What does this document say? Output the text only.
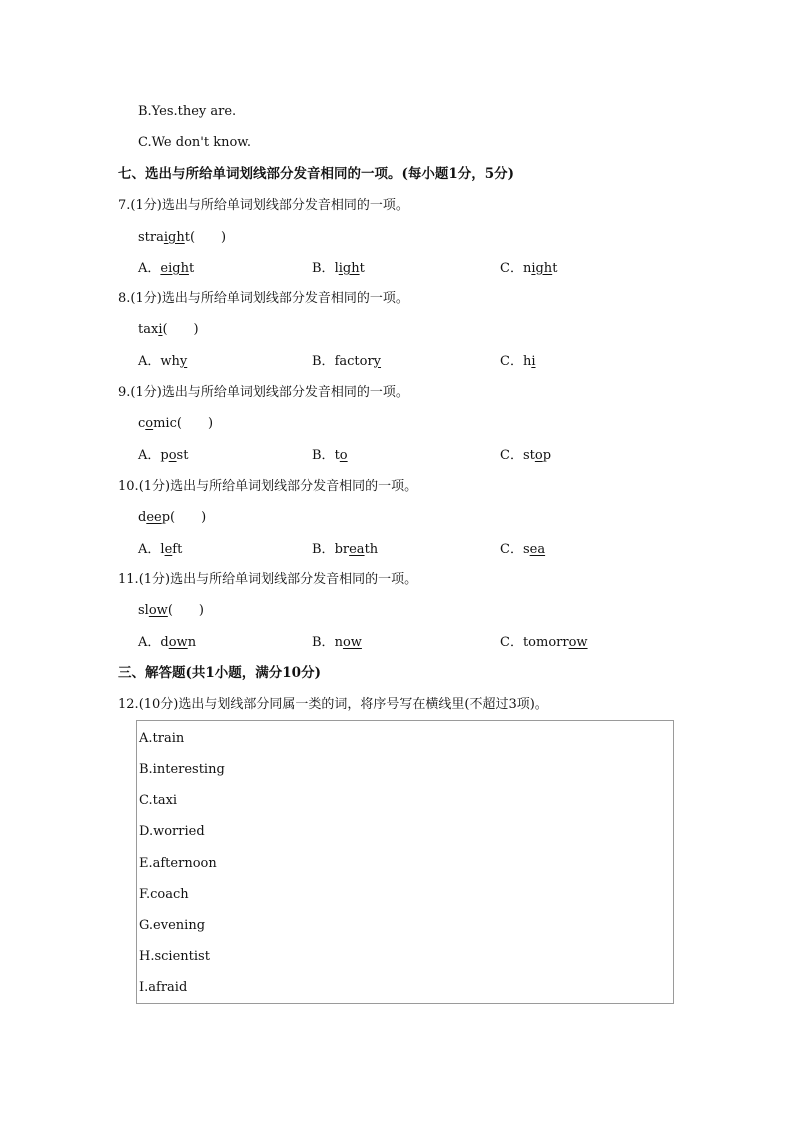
B.Yes.they are.
C.We don't know.
七、选出与所给单词划线部分发音相同的一项。(每小题1分，5分)
7.(1分)选出与所给单词划线部分发音相同的一项。
straight(　　)
A．eight	B．light	C．night
8.(1分)选出与所给单词划线部分发音相同的一项。
taxi(　　)
A．why	B．factory	C．hi
9.(1分)选出与所给单词划线部分发音相同的一项。
comic(　　)
A．post	B．to	C．stop
10.(1分)选出与所给单词划线部分发音相同的一项。
deep(　　)
A．left	B．breath	C．sea
11.(1分)选出与所给单词划线部分发音相同的一项。
slow(　　)
A．down	B．now	C．tomorrow
三、解答题(共1小题，满分10分)
12.(10分)选出与划线部分同属一类的词，将序号写在横线里(不超过3项)。
A.train
B.interesting
C.taxi
D.worried
E.afternoon
F.coach
G.evening
H.scientist
I.afraid
